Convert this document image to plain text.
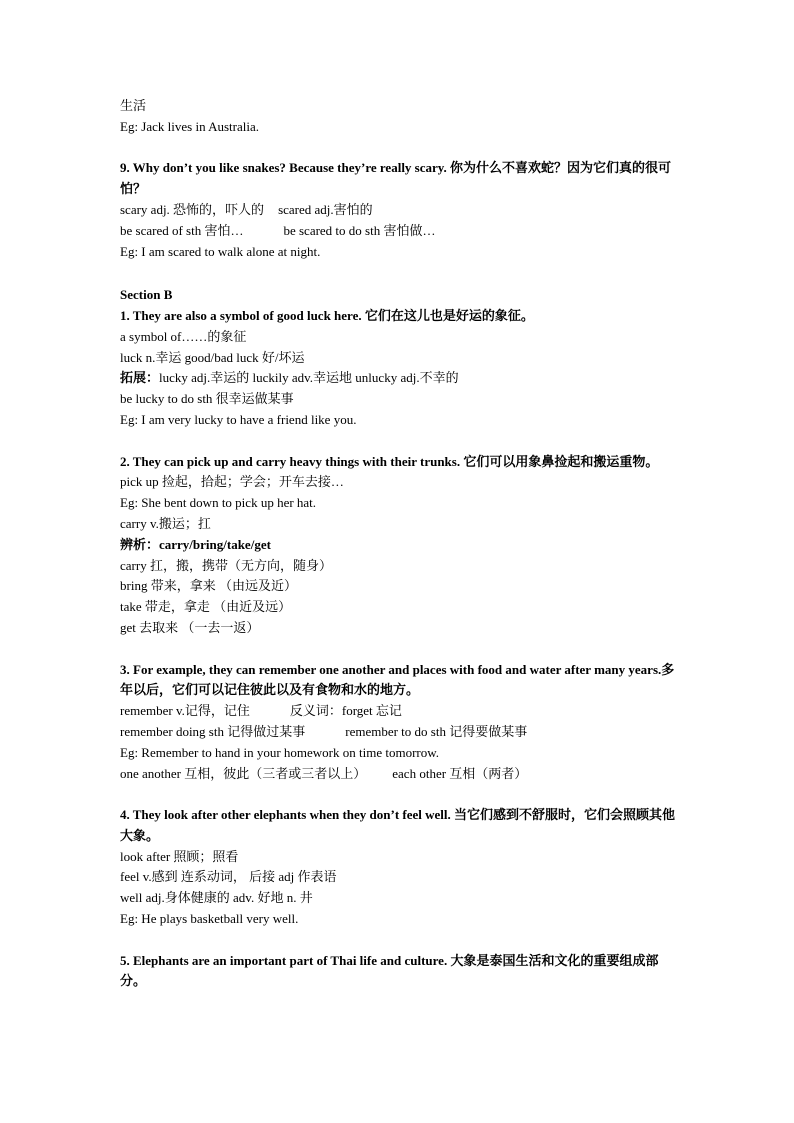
生活
Eg: Jack lives in Australia.
9. Why don’t you like snakes? Because they’re really scary. 你为什么不喜欢蛇？因为它们真的很可怕？
scary adj. 恐怖的，吓人的 scared adj.害怕的
be scared of sth 害怕…	be scared to do sth 害怕做…
Eg: I am scared to walk alone at night.
Section B
1. They are also a symbol of good luck here. 它们在这儿也是好运的象征。
a symbol of……的象征
luck n.幸运 good/bad luck 好/坏运
拓展：lucky adj.幸运的 luckily adv.幸运地 unlucky adj.不幸的
be lucky to do sth 很幸运做某事
Eg: I am very lucky to have a friend like you.
2. They can pick up and carry heavy things with their trunks. 它们可以用象鼻捡起和搬运重物。
pick up 捡起，拾起；学会；开车去接…
Eg: She bent down to pick up her hat.
carry v.搬运；扛
辨析：carry/bring/take/get
carry 扛，搬，携带（无方向，随身）
bring 带来，拿来 （由远及近）
take 带走，拿走 （由近及远）
get 去取来 （一去一返）
3. For example, they can remember one another and places with food and water after many years.多年以后，它们可以记住彼此以及有食物和水的地方。
remember v.记得，记住	反义词：forget 忘记
remember doing sth 记得做过某事	remember to do sth 记得要做某事
Eg: Remember to hand in your homework on time tomorrow.
one another 互相，彼此（三者或三者以上） each other 互相（两者）
4. They look after other elephants when they don’t feel well. 当它们感到不舒服时，它们会照顾其他大象。
look after 照顾；照看
feel v.感到 连系动词， 后接 adj 作表语
well adj.身体健康的 adv. 好地 n. 井
Eg: He plays basketball very well.
5. Elephants are an important part of Thai life and culture. 大象是泰国生活和文化的重要组成部分。
